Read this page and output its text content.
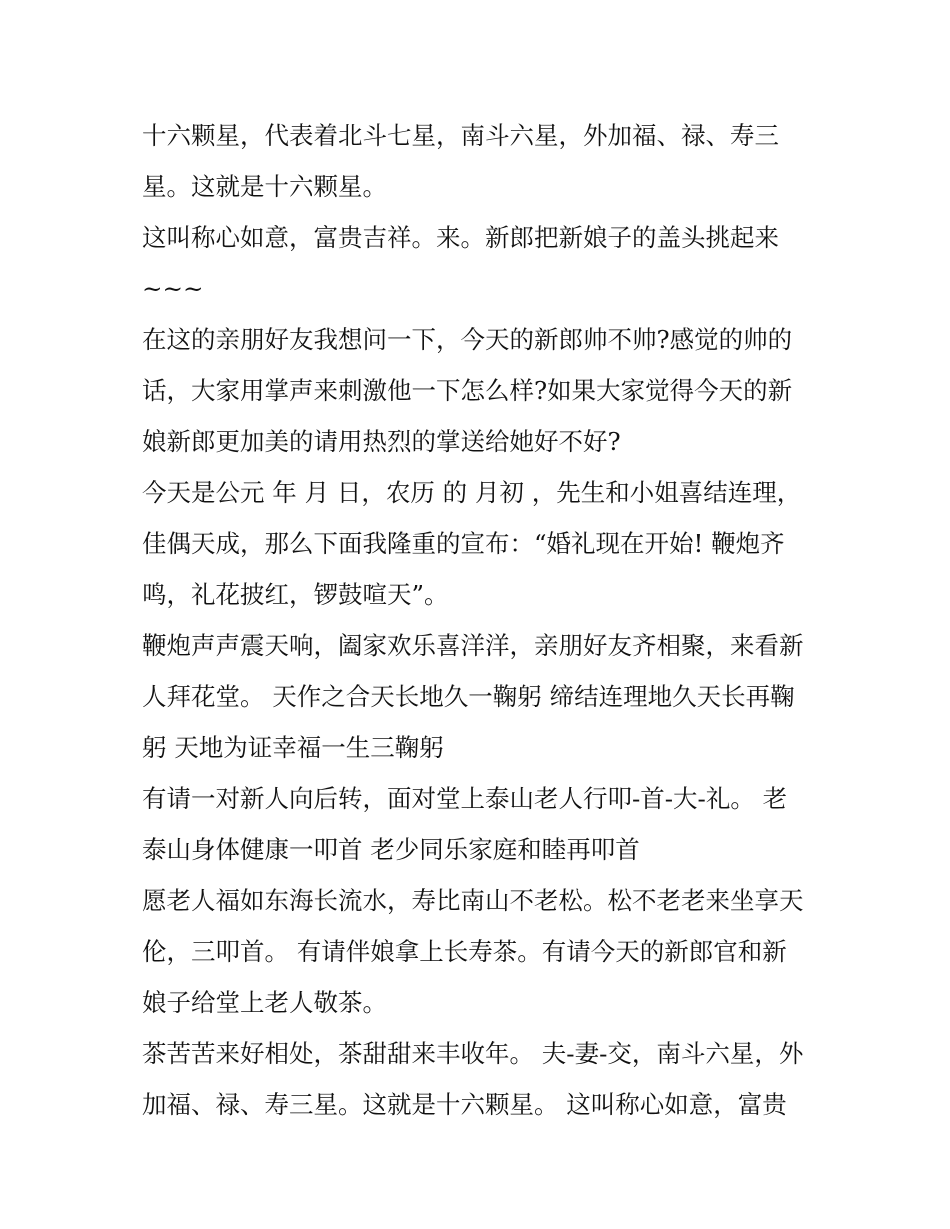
十六颗星，代表着北斗七星，南斗六星，外加福、禄、寿三
星。这就是十六颗星。
这叫称心如意，富贵吉祥。来。新郎把新娘子的盖头挑起来
~~~
在这的亲朋好友我想问一下，今天的新郎帅不帅?感觉的帅的
话，大家用掌声来刺激他一下怎么样?如果大家觉得今天的新
娘新郎更加美的请用热烈的掌送给她好不好?
今天是公元 年 月 日，农历 的 月初 ，先生和小姐喜结连理，
佳偶天成，那么下面我隆重的宣布：“婚礼现在开始! 鞭炮齐
鸣，礼花披红，锣鼓喧天”。
鞭炮声声震天响，阖家欢乐喜洋洋，亲朋好友齐相聚，来看新
人拜花堂。 天作之合天长地久一鞠躬 缔结连理地久天长再鞠
躬 天地为证幸福一生三鞠躬
有请一对新人向后转，面对堂上泰山老人行叩-首-大-礼。 老
泰山身体健康一叩首 老少同乐家庭和睦再叩首
愿老人福如东海长流水，寿比南山不老松。松不老老来坐享天
伦，三叩首。 有请伴娘拿上长寿茶。有请今天的新郎官和新
娘子给堂上老人敬茶。
茶苦苦来好相处，茶甜甜来丰收年。 夫-妻-交，南斗六星，外
加福、禄、寿三星。这就是十六颗星。 这叫称心如意，富贵
